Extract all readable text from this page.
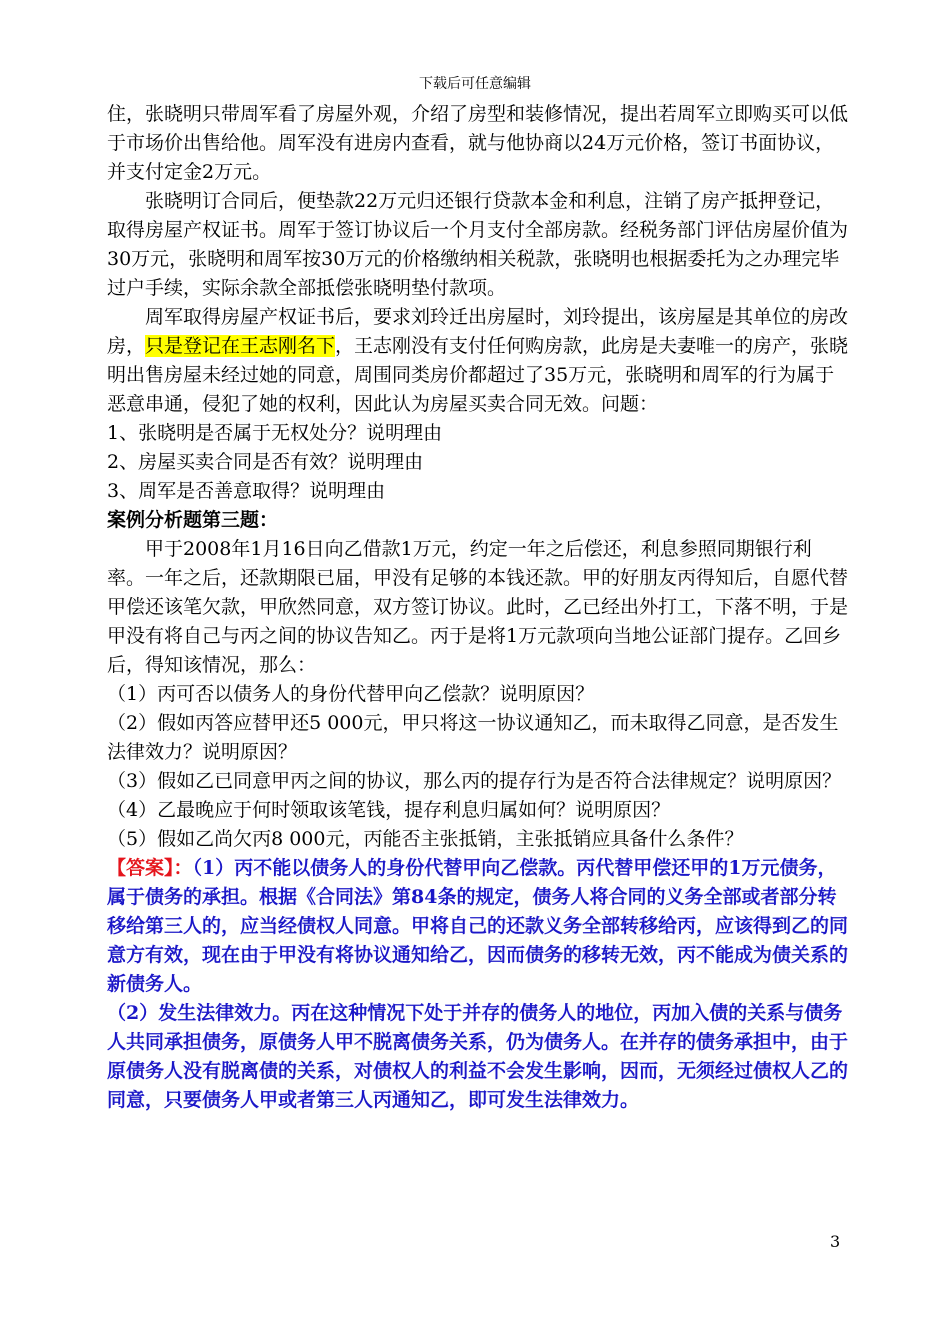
下载后可任意编辑

住，张晓明只带周军看了房屋外观，介绍了房型和装修情况，提出若周军立即购买可以低于市场价出售给他。周军没有进房内查看，就与他协商以24万元价格，签订书面协议，并支付定金2万元。

张晓明订合同后，便垫款22万元归还银行贷款本金和利息，注销了房产抵押登记，取得房屋产权证书。周军于签订协议后一个月支付全部房款。经税务部门评估房屋价值为30万元，张晓明和周军按30万元的价格缴纳相关税款，张晓明也根据委托为之办理完毕过户手续，实际余款全部抵偿张晓明垫付款项。

周军取得房屋产权证书后，要求刘玲迁出房屋时，刘玲提出，该房屋是其单位的房改房，只是登记在王志刚名下，王志刚没有支付任何购房款，此房是夫妻唯一的房产，张晓明出售房屋未经过她的同意，周围同类房价都超过了35万元，张晓明和周军的行为属于恶意串通，侵犯了她的权利，因此认为房屋买卖合同无效。问题：

1、张晓明是否属于无权处分？说明理由

2、房屋买卖合同是否有效？说明理由

3、周军是否善意取得？说明理由

案例分析题第三题：

甲于2008年1月16日向乙借款1万元，约定一年之后偿还，利息参照同期银行利率。一年之后，还款期限已届，甲没有足够的本钱还款。甲的好朋友丙得知后，自愿代替甲偿还该笔欠款，甲欣然同意，双方签订协议。此时，乙已经出外打工，下落不明，于是甲没有将自己与丙之间的协议告知乙。丙于是将1万元款项向当地公证部门提存。乙回乡后，得知该情况，那么：

（1）丙可否以债务人的身份代替甲向乙偿款？说明原因？

（2）假如丙答应替甲还5 000元，甲只将这一协议通知乙，而未取得乙同意，是否发生法律效力？说明原因？

（3）假如乙已同意甲丙之间的协议，那么丙的提存行为是否符合法律规定？说明原因？

（4）乙最晚应于何时领取该笔钱，提存利息归属如何？说明原因？

（5）假如乙尚欠丙8 000元，丙能否主张抵销，主张抵销应具备什么条件？

【答案】：（1）丙不能以债务人的身份代替甲向乙偿款。丙代替甲偿还甲的1万元债务，属于债务的承担。根据《合同法》第84条的规定，债务人将合同的义务全部或者部分转移给第三人的，应当经债权人同意。甲将自己的还款义务全部转移给丙，应该得到乙的同意方有效，现在由于甲没有将协议通知给乙，因而债务的移转无效，丙不能成为债关系的新债务人。

（2）发生法律效力。丙在这种情况下处于并存的债务人的地位，丙加入债的关系与债务人共同承担债务，原债务人甲不脱离债务关系，仍为债务人。在并存的债务承担中，由于原债务人没有脱离债的关系，对债权人的利益不会发生影响，因而，无须经过债权人乙的同意，只要债务人甲或者第三人丙通知乙，即可发生法律效力。

3
